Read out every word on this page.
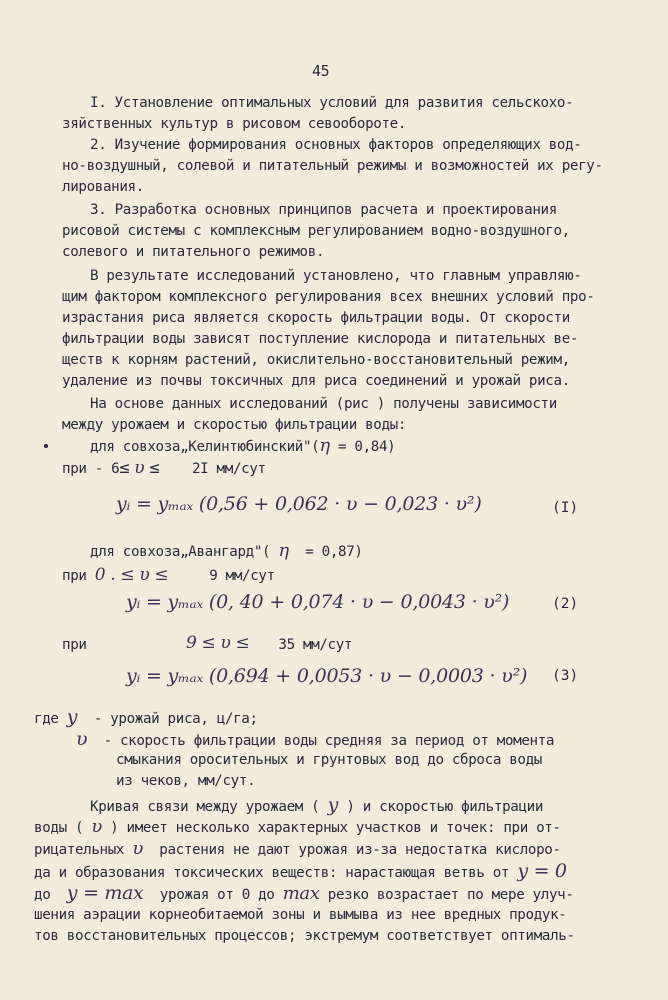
45
I. Установление оптимальных условий для развития сельскохо-
зяйственных культур в рисовом севообороте.
2. Изучение формирования основных факторов определяющих вод-
но-воздушный, солевой и питательный режимы и возможностей их регу-
лирования.
3. Разработка основных принципов расчета и проектирования
рисовой системы с комплексным регулированием водно-воздушного,
солевого и питательного режимов.
В результате исследований установлено, что главным управляю-
щим фактором комплексного регулирования всех внешних условий про-
израстания риса является скорость фильтрации воды. От скорости
фильтрации воды зависят поступление кислорода и питательных ве-
ществ к корням растений, окислительно-восстановительный режим,
удаление из почвы токсичных для риса соединений и урожай риса.
На основе данных исследований (рис ) получены зависимости
между урожаем и скоростью фильтрации воды:
для совхоза„Келинтюбинский"(η = 0,84)
при - 6≤ υ ≤    2I мм/сут
yᵢ = yₘₐₓ (0,56 + 0,062 · υ − 0,023 · υ²)	(I)
для совхоза„Авангард"( η  = 0,87)
при 0 . ≤ υ ≤     9 мм/сут
yᵢ = yₘₐₓ (0, 40 + 0,074 · υ − 0,0043 · υ²)	(2)
при	9 ≤ υ ≤ 35 мм/сут
yᵢ = yₘₐₓ (0,694 + 0,0053 · υ − 0,0003 · υ²) (3)
где у  - урожай риса, ц/га;
υ  - скорость фильтрации воды средняя за период от момента
смыкания оросительных и грунтовых вод до сброса воды
из чеков, мм/сут.
Кривая связи между урожаем ( у ) и скоростью фильтрации
воды ( υ ) имеет несколько характерных участков и точек: при от-
рицательных υ  растения не дают урожая из-за недостатка кислоро-
да и образования токсических веществ: нарастающая ветвь от у = 0
до  у = max  урожая от 0 до max резко возрастает по мере улуч-
шения аэрации корнеобитаемой зоны и вымыва из нее вредных продук-
тов восстановительных процессов; экстремум соответствует оптималь-
